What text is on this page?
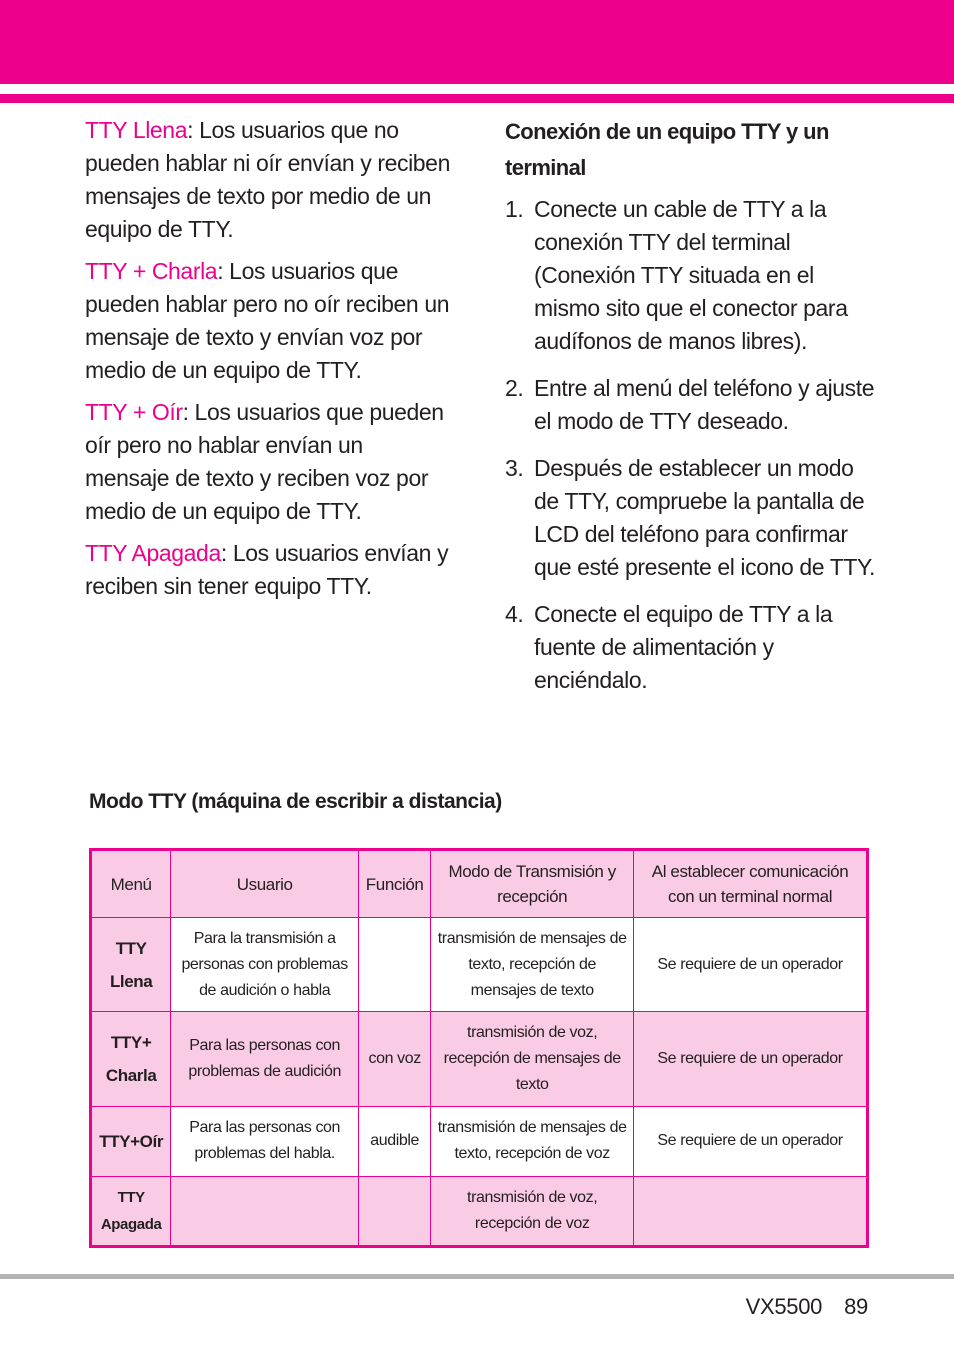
TTY Llena: Los usuarios que no pueden hablar ni oír envían y reciben mensajes de texto por medio de un equipo de TTY.

TTY + Charla: Los usuarios que pueden hablar pero no oír reciben un mensaje de texto y envían voz por medio de un equipo de TTY.

TTY + Oír: Los usuarios que pueden oír pero no hablar envían un mensaje de texto y reciben voz por medio de un equipo de TTY.

TTY Apagada: Los usuarios envían y reciben sin tener equipo TTY.

Conexión de un equipo TTY y un terminal
1. Conecte un cable de TTY a la conexión TTY del terminal (Conexión TTY situada en el mismo sito que el conector para audífonos de manos libres).
2. Entre al menú del teléfono y ajuste el modo de TTY deseado.
3. Después de establecer un modo de TTY, compruebe la pantalla de LCD del teléfono para confirmar que esté presente el icono de TTY.
4. Conecte el equipo de TTY a la fuente de alimentación y enciéndalo.
Modo TTY (máquina de escribir a distancia)
Menú	Usuario	Función	Modo de Transmisión y recepción	Al establecer comunicación con un terminal normal
TTY Llena	Para la transmisión a personas con problemas de audición o habla		transmisión de mensajes de texto, recepción de mensajes de texto	Se requiere de un operador
TTY+ Charla	Para las personas con problemas de audición	con voz	transmisión de voz, recepción de mensajes de texto	Se requiere de un operador
TTY+Oír	Para las personas con problemas del habla.	audible	transmisión de mensajes de texto, recepción de voz	Se requiere de un operador
TTY Apagada			transmisión de voz, recepción de voz	
VX5500 89
